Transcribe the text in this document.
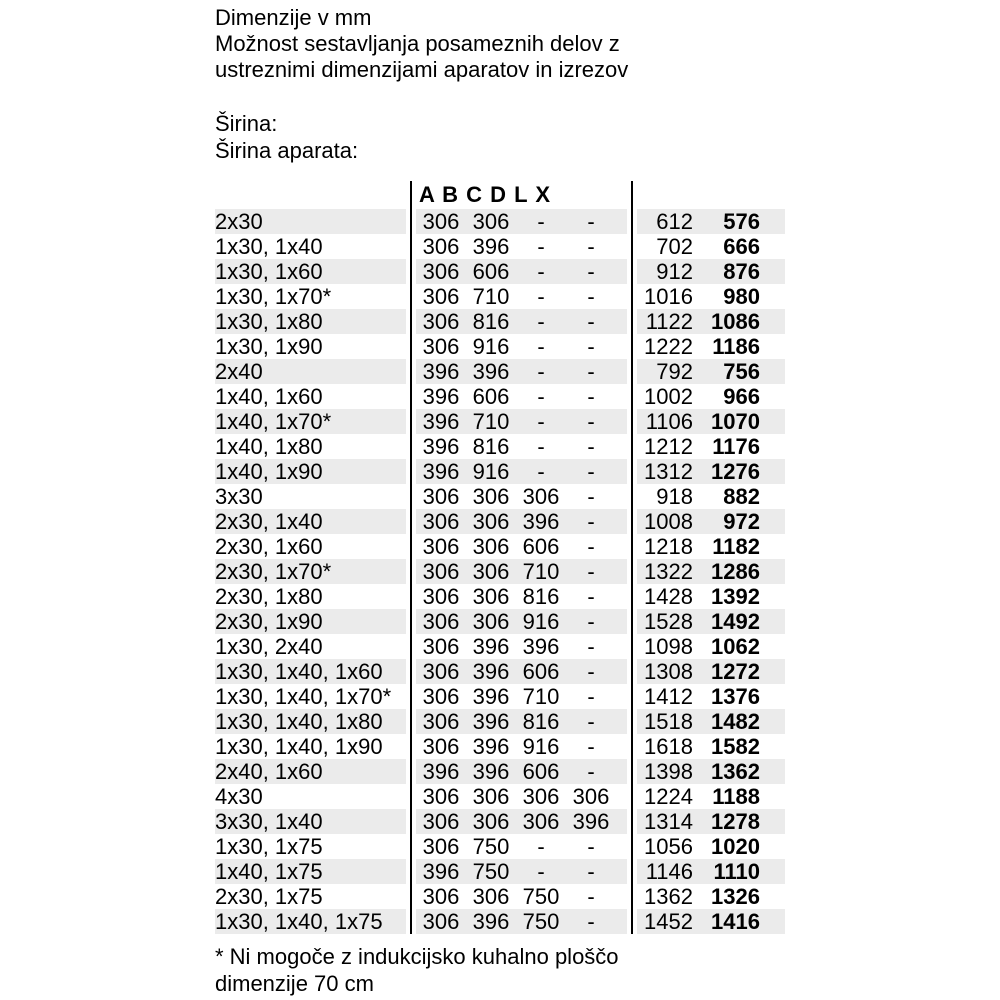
Dimenzije v mm
Možnost sestavljanja posameznih delov z
ustreznimi dimenzijami aparatov in izrezov
Širina:
Širina aparata:
A B C D L X
2x30	306 306	-	-	612	576
1x30, 1x40	306 396	-	-	702	666
1x30, 1x60	306 606	-	-	912	876
1x30, 1x70*	306 710	-	-	1016	980
1x30, 1x80	306 816	-	-	1122 1086
1x30, 1x90	306 916	-	-	1222 1186
2x40	396 396	-	-	792	756
1x40, 1x60	396 606	-	-	1002	966
1x40, 1x70*	396 710	-	-	1106 1070
1x40, 1x80	396 816	-	-	1212 1176
1x40, 1x90	396 916	-	-	1312 1276
3x30	306 306 306	-	918	882
2x30, 1x40	306 306 396	-	1008	972
2x30, 1x60	306 306 606	-	1218 1182
2x30, 1x70*	306 306 710	-	1322 1286
2x30, 1x80	306 306 816	-	1428 1392
2x30, 1x90	306 306 916	-	1528 1492
1x30, 2x40	306 396 396	-	1098 1062
1x30, 1x40, 1x60	306 396 606	-	1308 1272
1x30, 1x40, 1x70*	306 396 710	-	1412 1376
1x30, 1x40, 1x80	306 396 816	-	1518 1482
1x30, 1x40, 1x90	306 396 916	-	1618 1582
2x40, 1x60	396 396 606	-	1398 1362
4x30	306 306 306 306	1224 1188
3x30, 1x40	306 306 306 396	1314 1278
1x30, 1x75	306 750	-	-	1056 1020
1x40, 1x75	396 750	-	-	1146 1110
2x30, 1x75	306 306 750	-	1362 1326
1x30, 1x40, 1x75	306 396 750	-	1452 1416
* Ni mogoče z indukcijsko kuhalno ploščo
dimenzije 70 cm
